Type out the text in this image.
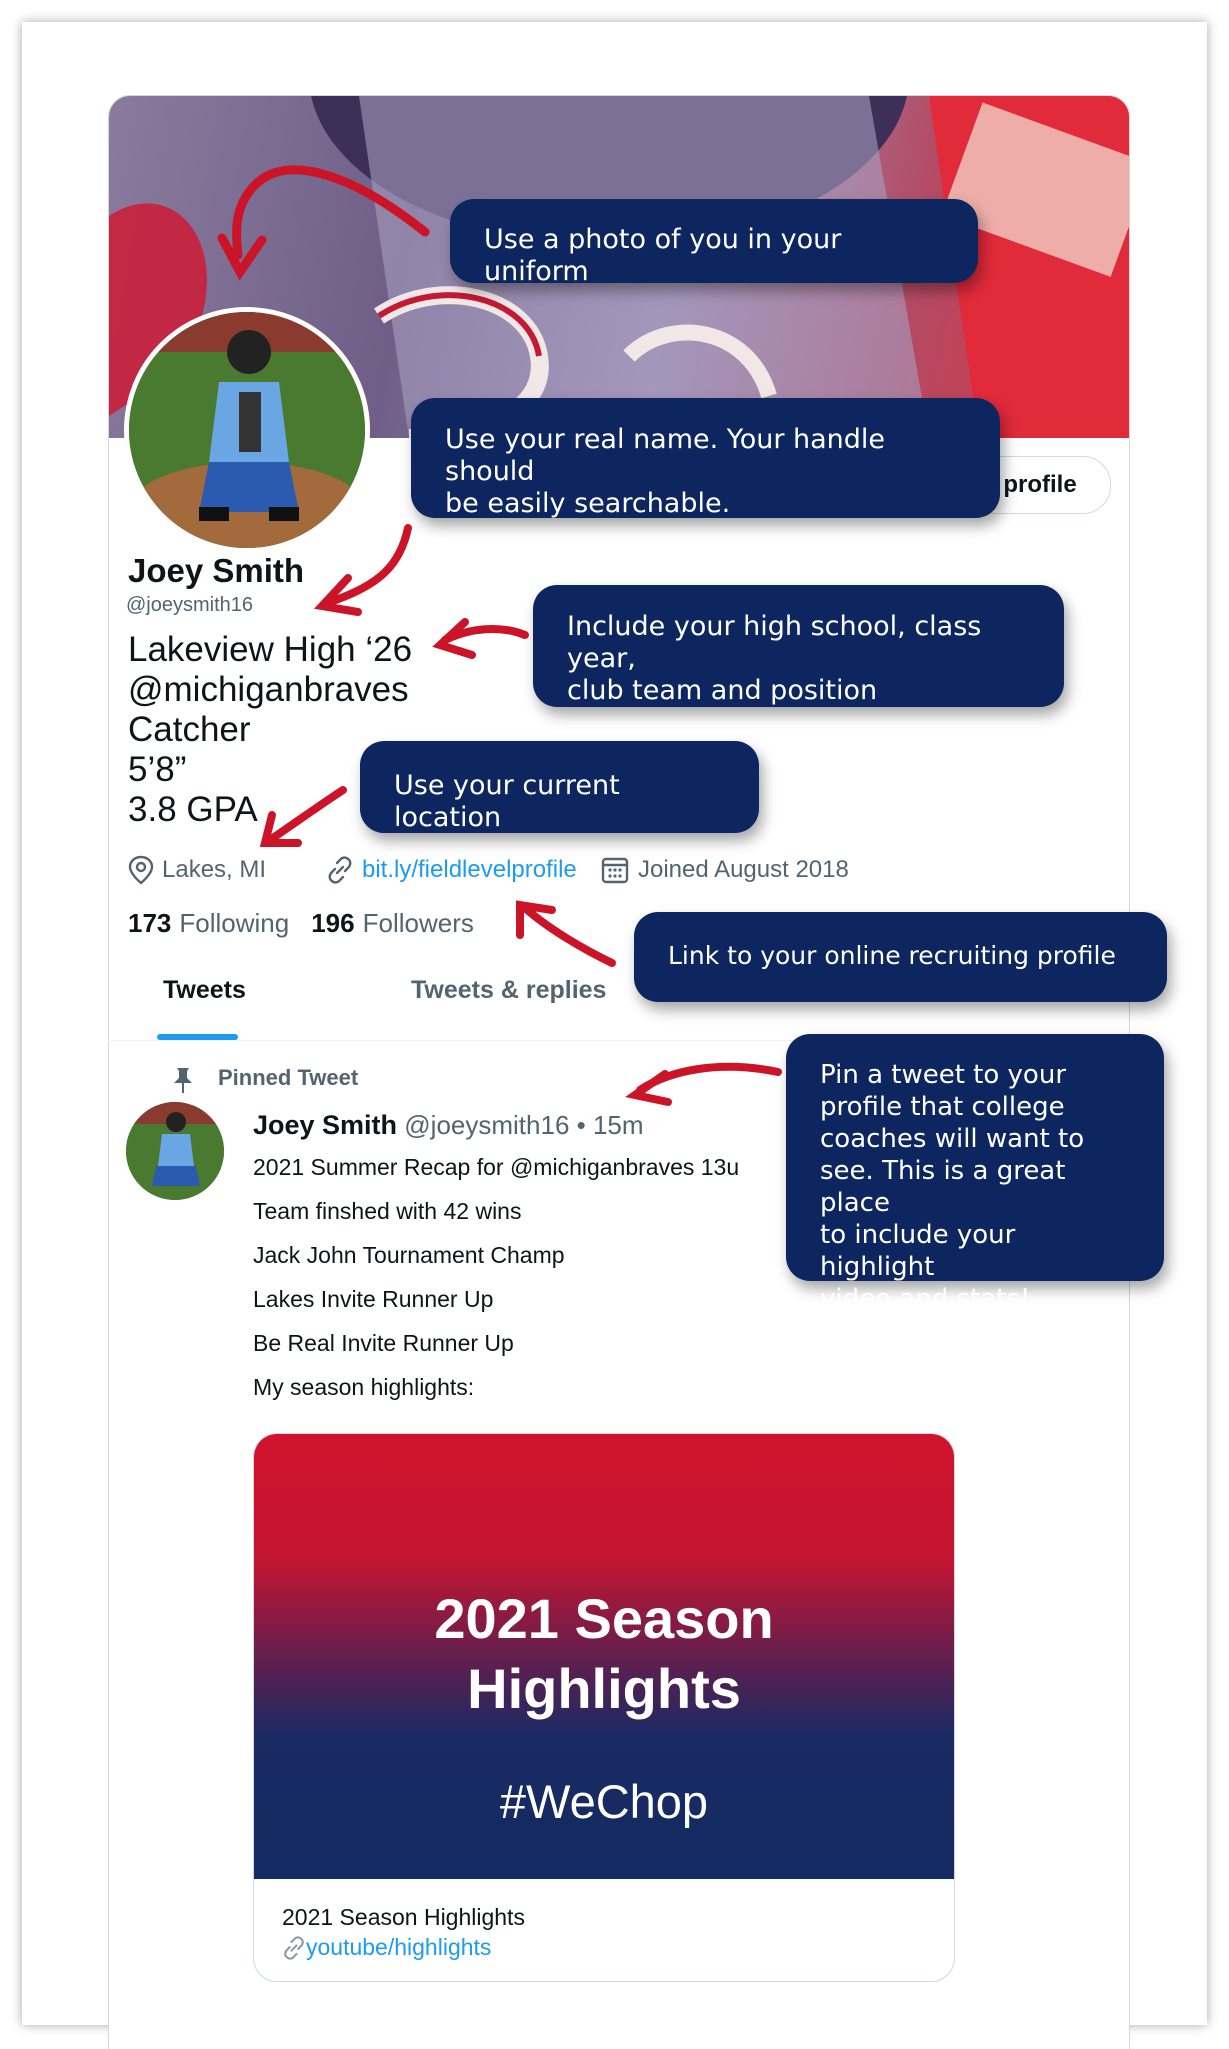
profile
Joey Smith
@joeysmith16
Lakeview High ‘26
@michiganbraves
Catcher
5’8”
3.8 GPA
Lakes, MI	bit.ly/fieldlevelprofile	Joined August 2018
173 Following 196 Followers
Tweets	Tweets & replies
Pinned Tweet
Joey Smith @joeysmith16 • 15m
2021 Summer Recap for @michiganbraves 13u
Team finshed with 42 wins
Jack John Tournament Champ
Lakes Invite Runner Up
Be Real Invite Runner Up
My season highlights:
2021 Season
Highlights
#WeChop
2021 Season Highlights
youtube/highlights
Use a photo of you in your uniform
Use your real name. Your handle should
be easily searchable.
Include your high school, class year,
club team and position
Use your current location
Link to your online recruiting profile
Pin a tweet to your
profile that college
coaches will want to
see. This is a great place
to include your highlight
video and stats!
